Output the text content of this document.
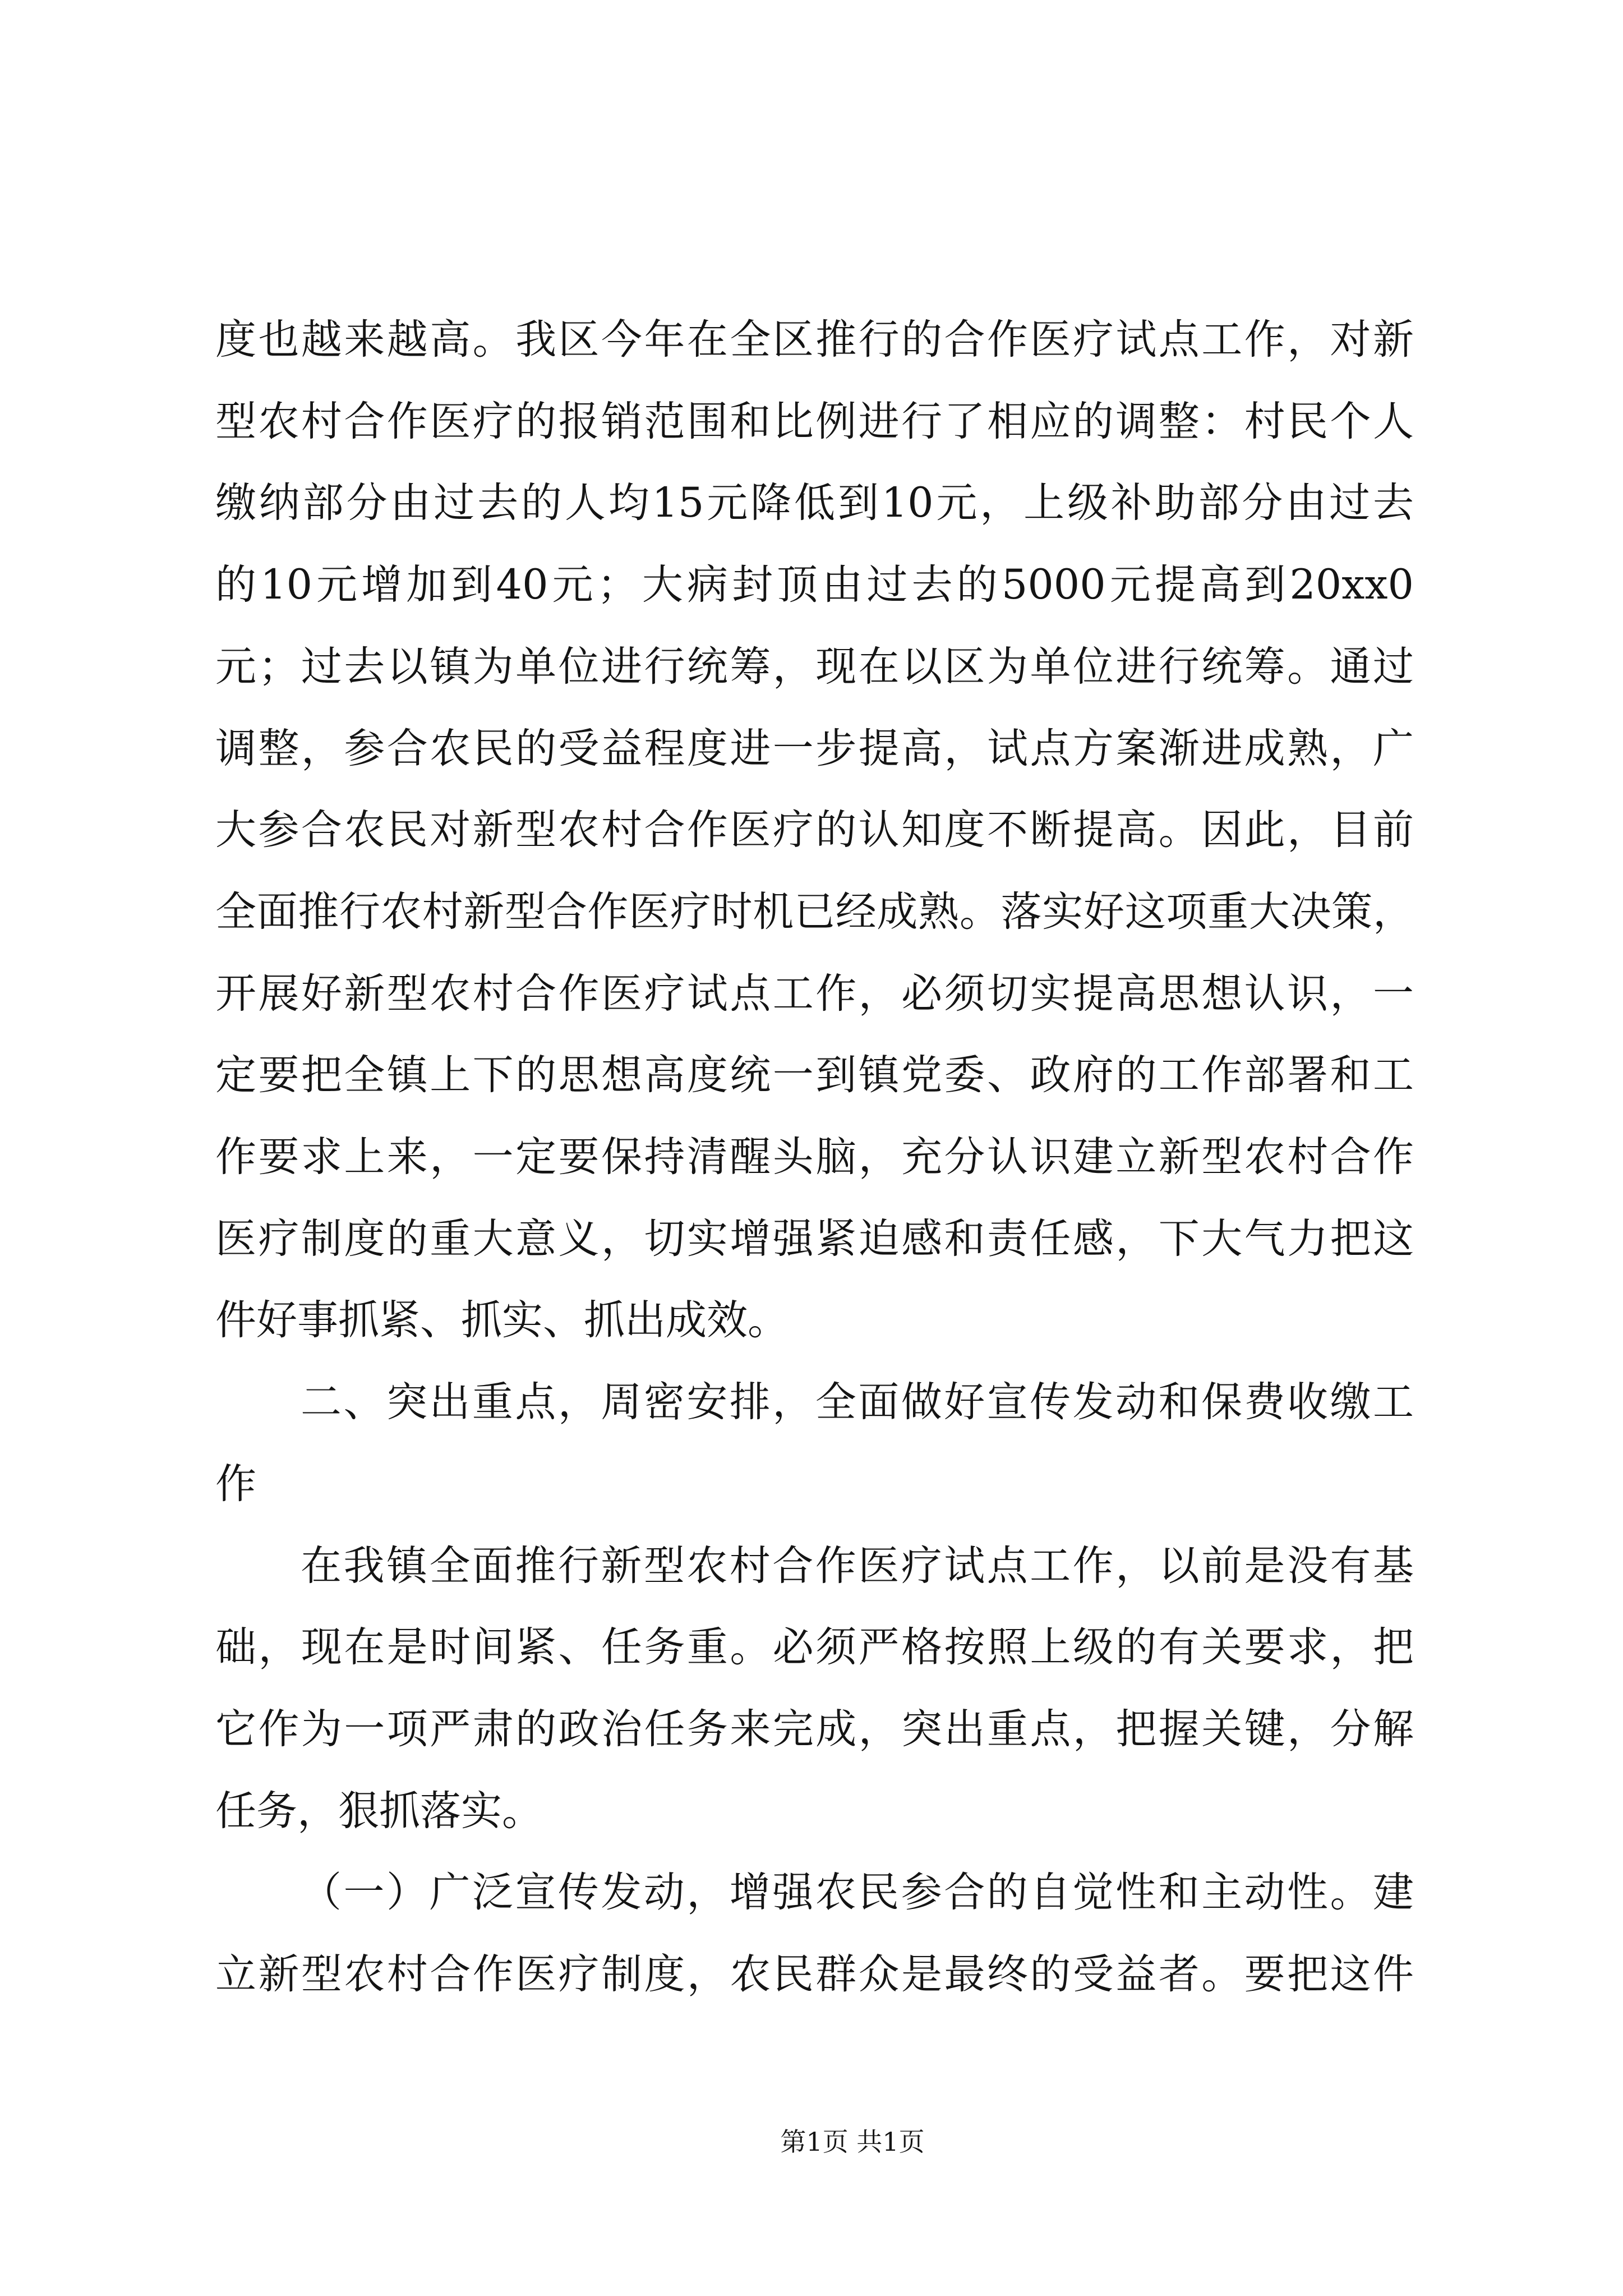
度也越来越高。我区今年在全区推行的合作医疗试点工作，对新
型农村合作医疗的报销范围和比例进行了相应的调整：村民个人
缴纳部分由过去的人均15元降低到10元，上级补助部分由过去
的10元增加到40元；大病封顶由过去的5000元提高到20xx0
元；过去以镇为单位进行统筹，现在以区为单位进行统筹。通过
调整，参合农民的受益程度进一步提高，试点方案渐进成熟，广
大参合农民对新型农村合作医疗的认知度不断提高。因此，目前
全面推行农村新型合作医疗时机已经成熟。落实好这项重大决策，
开展好新型农村合作医疗试点工作，必须切实提高思想认识，一
定要把全镇上下的思想高度统一到镇党委、政府的工作部署和工
作要求上来，一定要保持清醒头脑，充分认识建立新型农村合作
医疗制度的重大意义，切实增强紧迫感和责任感，下大气力把这
件好事抓紧、抓实、抓出成效。
二、突出重点，周密安排，全面做好宣传发动和保费收缴工
作
在我镇全面推行新型农村合作医疗试点工作，以前是没有基
础，现在是时间紧、任务重。必须严格按照上级的有关要求，把
它作为一项严肃的政治任务来完成，突出重点，把握关键，分解
任务，狠抓落实。
（一）广泛宣传发动，增强农民参合的自觉性和主动性。建
立新型农村合作医疗制度，农民群众是最终的受益者。要把这件
第1页 共1页
